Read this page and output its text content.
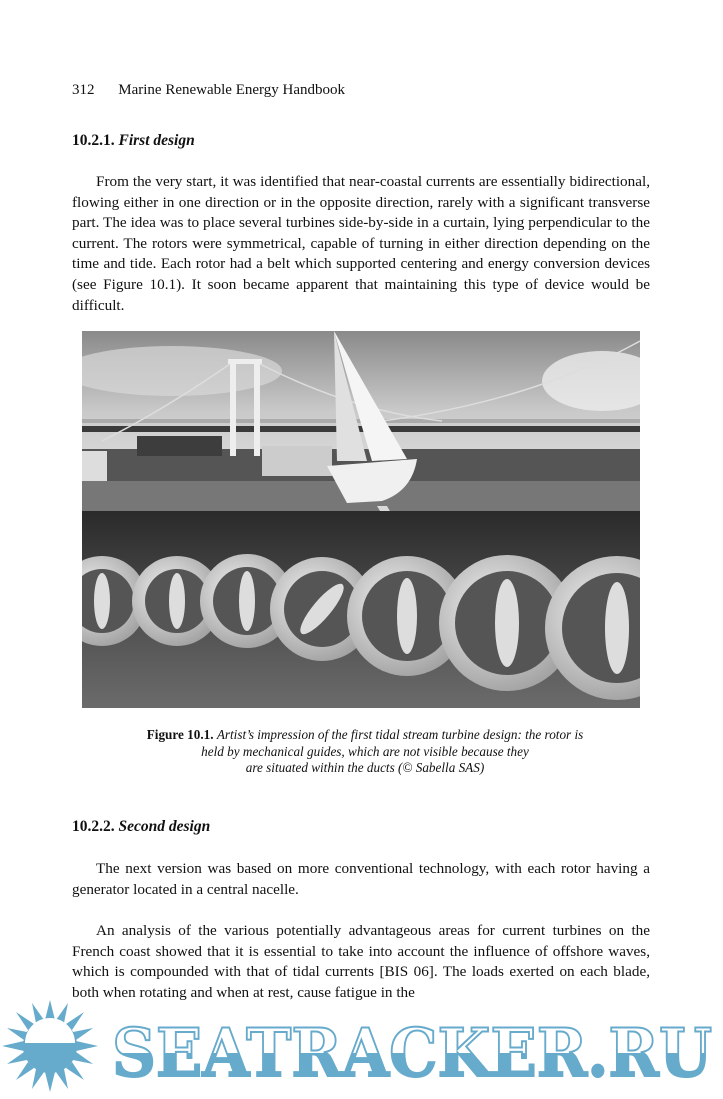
312 Marine Renewable Energy Handbook
10.2.1. First design

From the very start, it was identified that near-coastal currents are essentially bidirectional, flowing either in one direction or in the opposite direction, rarely with a significant transverse part. The idea was to place several turbines side-by-side in a curtain, lying perpendicular to the current. The rotors were symmetrical, capable of turning in either direction depending on the time and tide. Each rotor had a belt which supported centering and energy conversion devices (see Figure 10.1). It soon became apparent that maintaining this type of device would be difficult.

Figure 10.1. Artist’s impression of the first tidal stream turbine design: the rotor is
held by mechanical guides, which are not visible because they
are situated within the ducts (© Sabella SAS)
10.2.2. Second design

The next version was based on more conventional technology, with each rotor having a generator located in a central nacelle.

An analysis of the various potentially advantageous areas for current turbines on the French coast showed that it is essential to take into account the influence of offshore waves, which is compounded with that of tidal currents [BIS 06]. The loads exerted on each blade, both when rotating and when at rest, cause fatigue in the

SEATRACKER.RU
